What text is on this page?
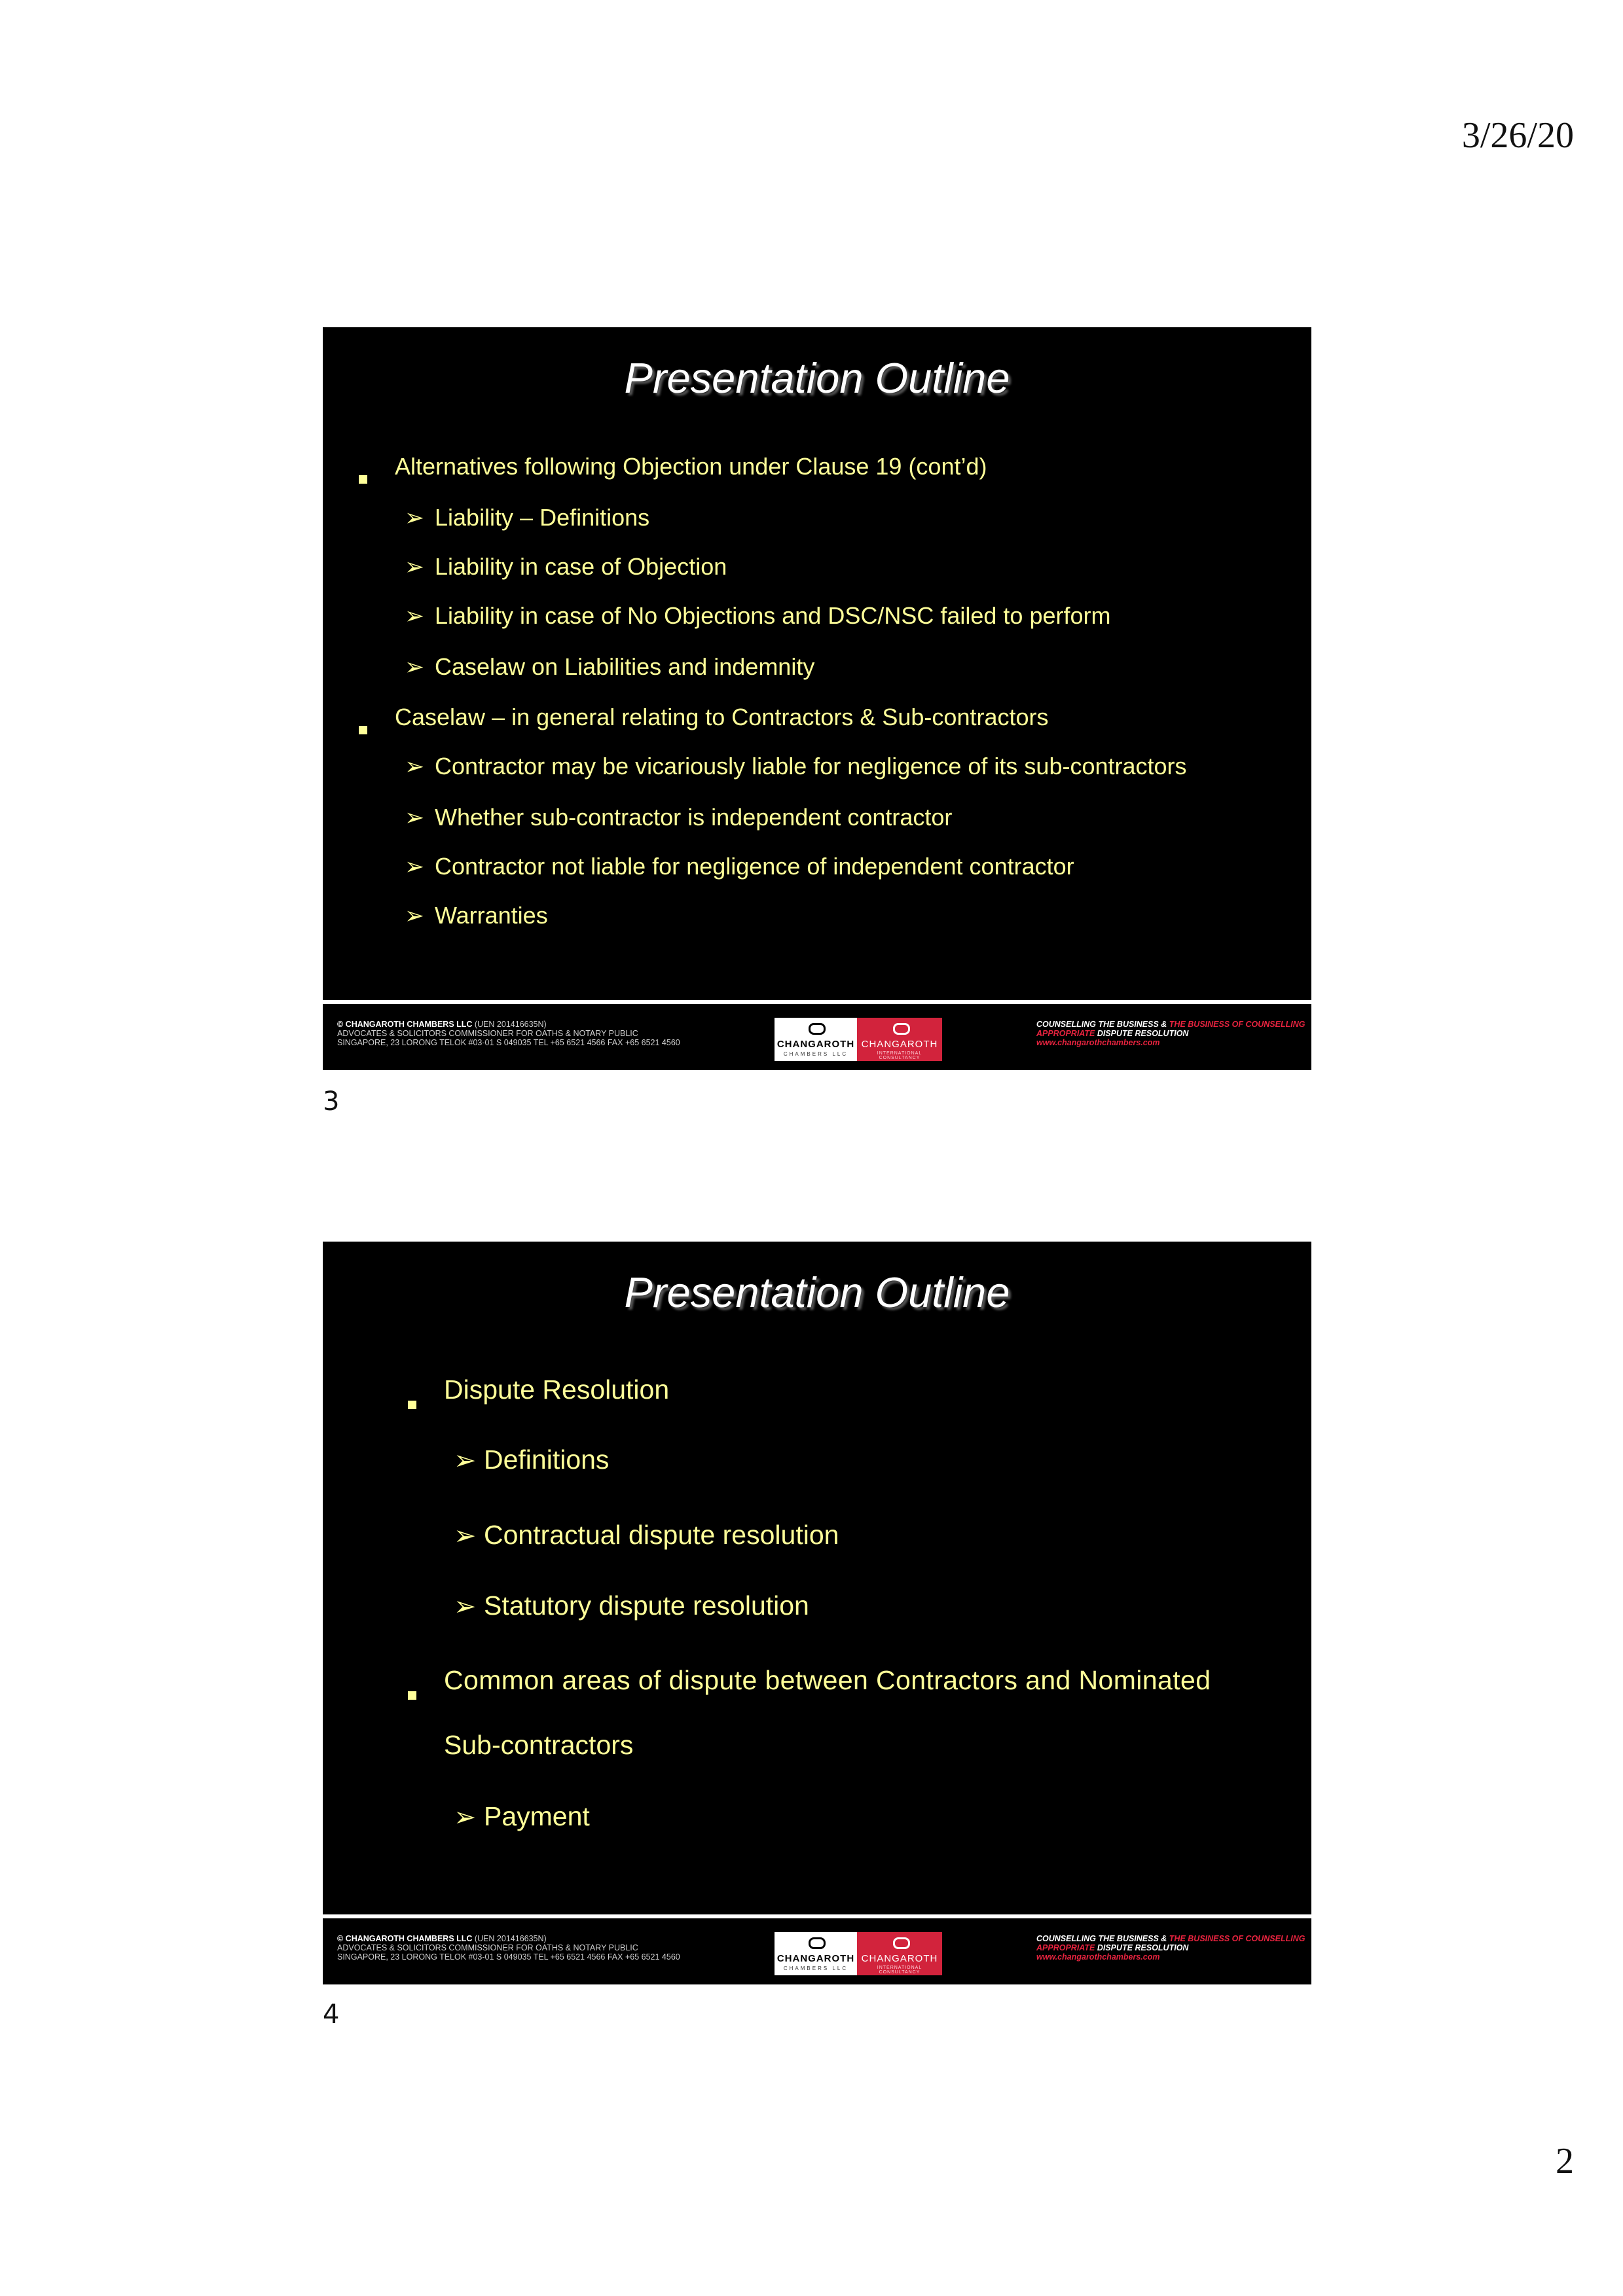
3/26/20
Presentation Outline
Alternatives following Objection under Clause 19 (cont’d)
➢ Liability – Definitions
➢ Liability in case of Objection
➢ Liability in case of No Objections and DSC/NSC failed to perform
➢ Caselaw on Liabilities and indemnity
Caselaw – in general relating to Contractors & Sub-contractors
➢ Contractor may be vicariously liable for negligence of its sub-contractors
➢ Whether sub-contractor is independent contractor
➢ Contractor not liable for negligence of independent contractor
➢ Warranties
© CHANGAROTH CHAMBERS LLC (UEN 201416635N)
ADVOCATES & SOLICITORS COMMISSIONER FOR OATHS & NOTARY PUBLIC
SINGAPORE, 23 LORONG TELOK #03-01 S 049035 TEL +65 6521 4566 FAX +65 6521 4560	CHANGAROTH
CHAMBERS LLC
CHANGAROTH
INTERNATIONAL CONSULTANCY
COUNSELLING THE BUSINESS & THE BUSINESS OF COUNSELLING
APPROPRIATE DISPUTE RESOLUTION
www.changarothchambers.com
3
Presentation Outline
Dispute Resolution
➢ Definitions
➢ Contractual dispute resolution
➢ Statutory dispute resolution
Common areas of dispute between Contractors and Nominated
Sub-contractors
➢ Payment
© CHANGAROTH CHAMBERS LLC (UEN 201416635N)
ADVOCATES & SOLICITORS COMMISSIONER FOR OATHS & NOTARY PUBLIC
SINGAPORE, 23 LORONG TELOK #03-01 S 049035 TEL +65 6521 4566 FAX +65 6521 4560	CHANGAROTH
CHAMBERS LLC
CHANGAROTH
INTERNATIONAL CONSULTANCY
COUNSELLING THE BUSINESS & THE BUSINESS OF COUNSELLING
APPROPRIATE DISPUTE RESOLUTION
www.changarothchambers.com
4
2
